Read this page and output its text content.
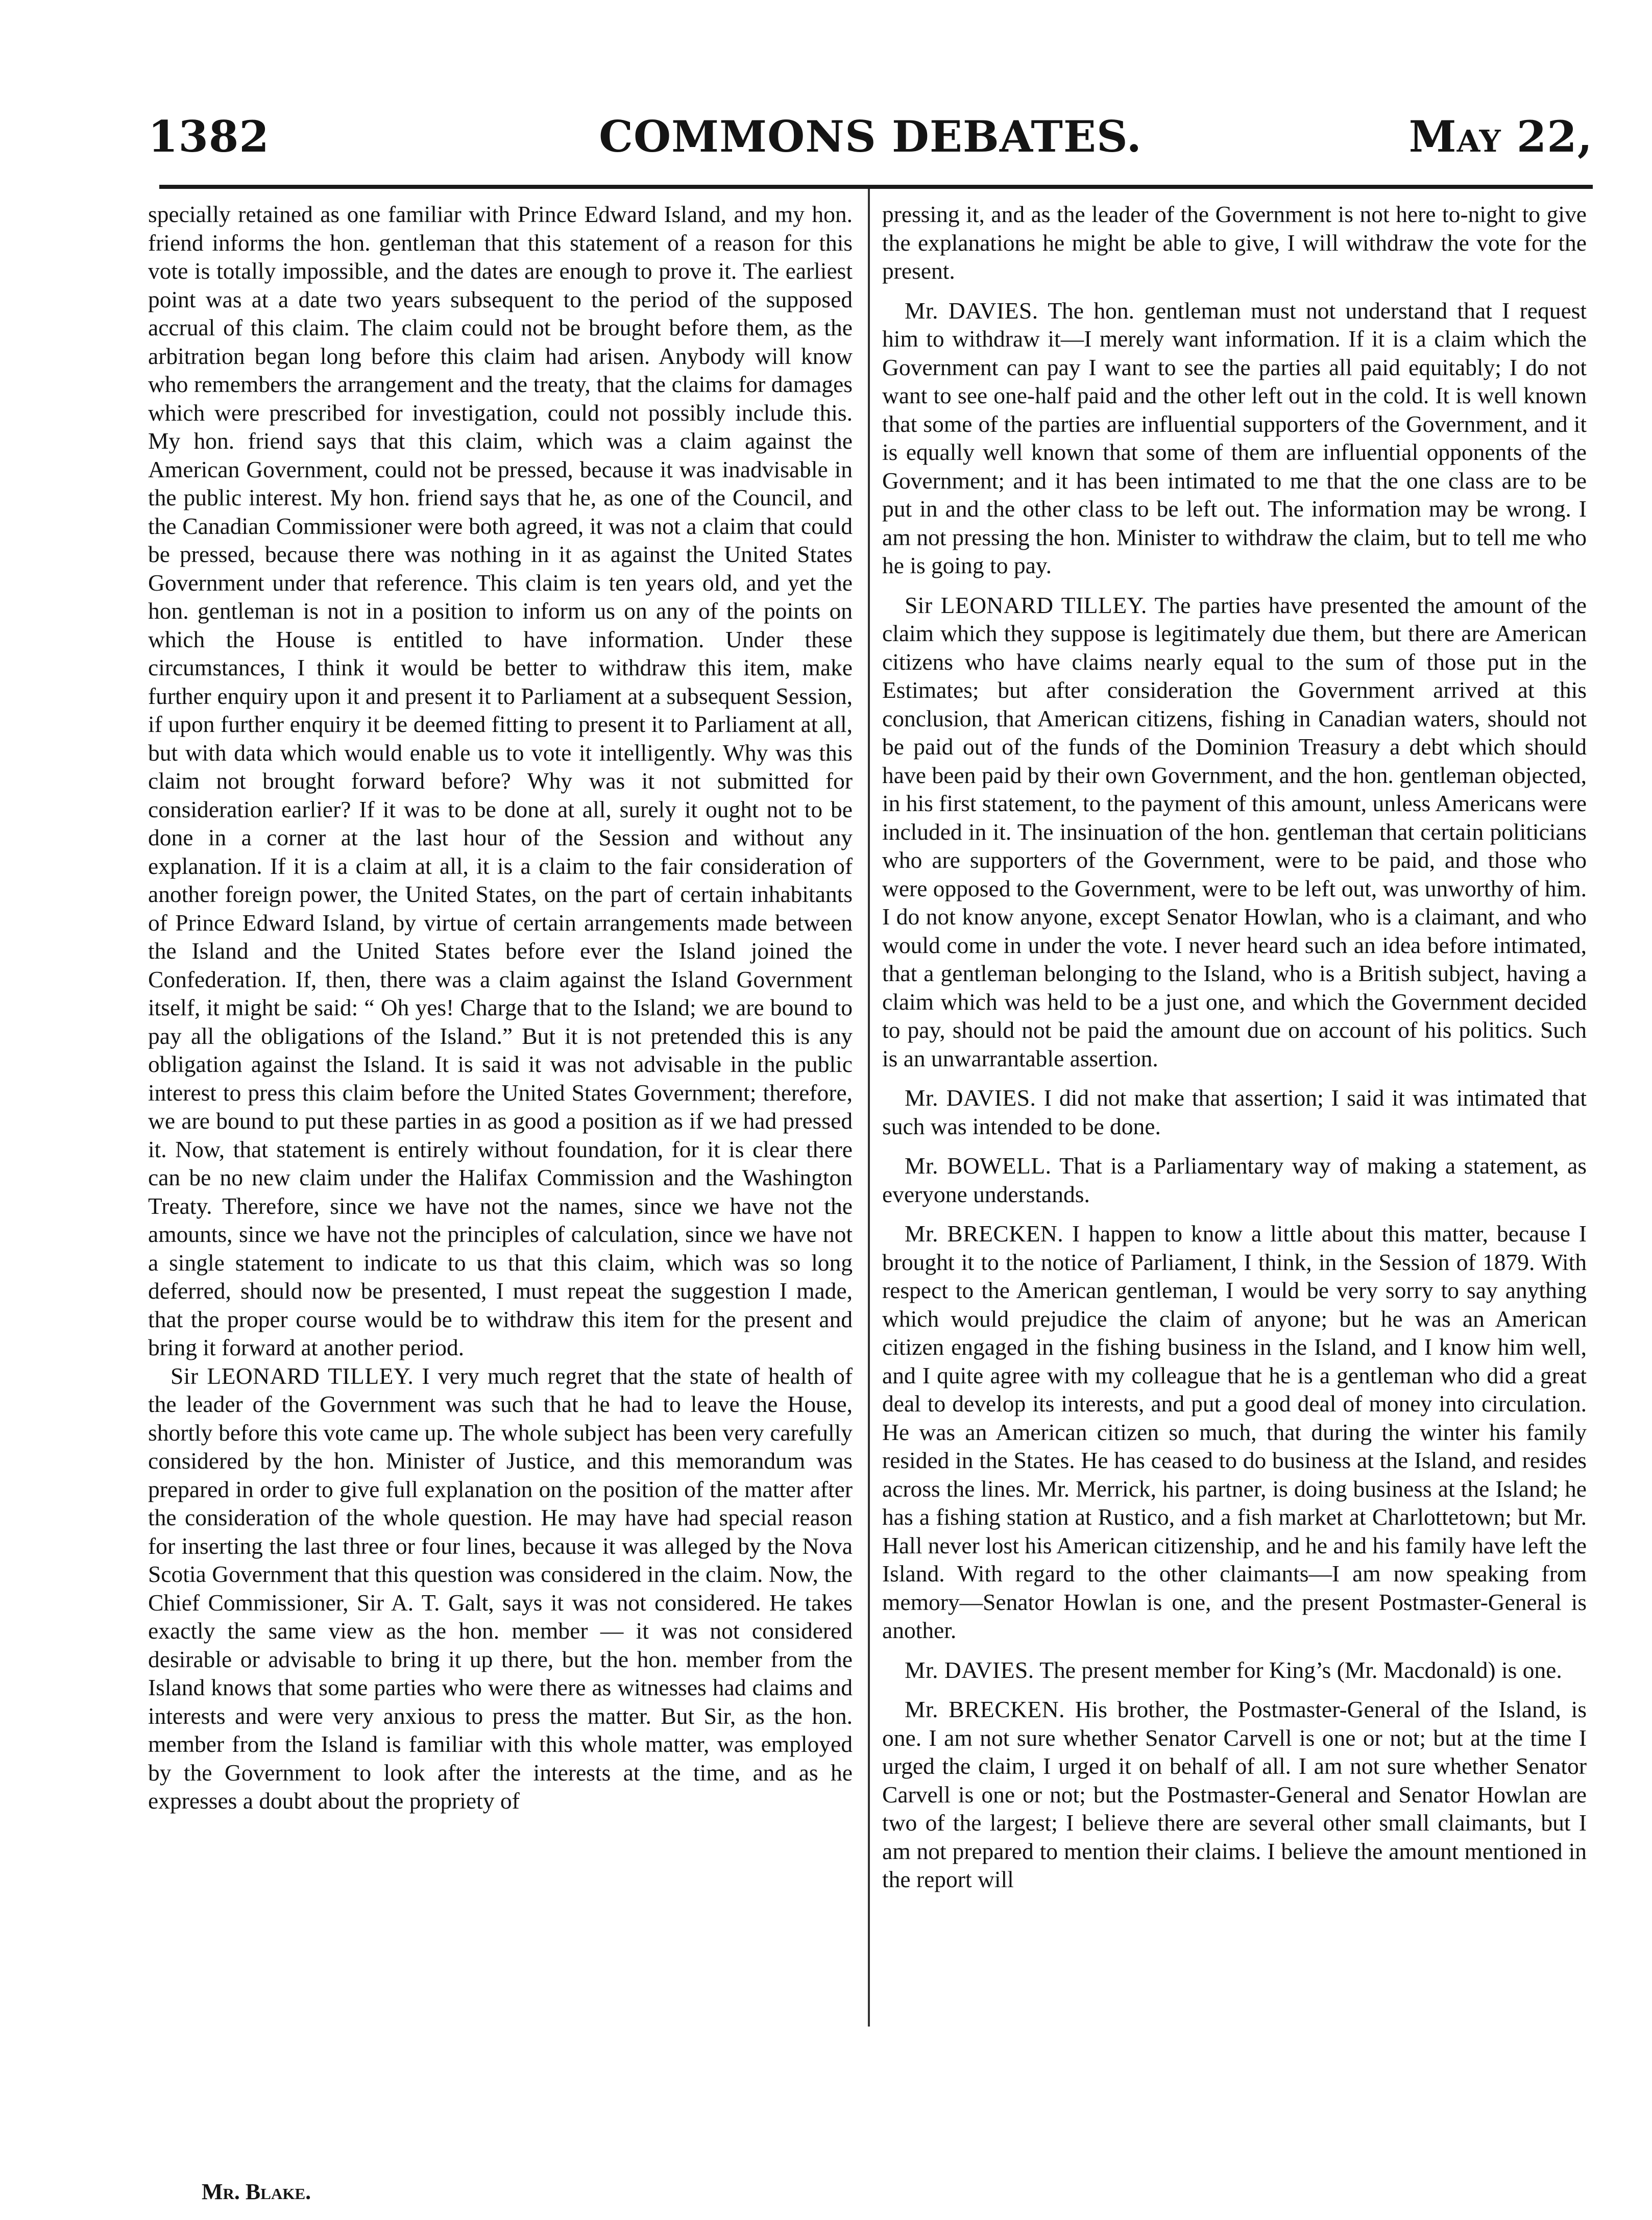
1382	COMMONS DEBATES.	May 22,

specially retained as one familiar with Prince Edward Island, and my hon. friend informs the hon. gentleman that this statement of a reason for this vote is totally impossible, and the dates are enough to prove it. The earliest point was at a date two years subsequent to the period of the supposed accrual of this claim. The claim could not be brought before them, as the arbitration began long before this claim had arisen. Anybody will know who remembers the arrangement and the treaty, that the claims for damages which were prescribed for investigation, could not possibly include this. My hon. friend says that this claim, which was a claim against the American Government, could not be pressed, because it was inadvisable in the public interest. My hon. friend says that he, as one of the Council, and the Canadian Commissioner were both agreed, it was not a claim that could be pressed, because there was nothing in it as against the United States Government under that reference. This claim is ten years old, and yet the hon. gentleman is not in a position to inform us on any of the points on which the House is entitled to have information. Under these circumstances, I think it would be better to withdraw this item, make further enquiry upon it and present it to Parliament at a subsequent Session, if upon further enquiry it be deemed fitting to present it to Parliament at all, but with data which would enable us to vote it intelligently. Why was this claim not brought forward before? Why was it not submitted for consideration earlier? If it was to be done at all, surely it ought not to be done in a corner at the last hour of the Session and without any explanation. If it is a claim at all, it is a claim to the fair consideration of another foreign power, the United States, on the part of certain inhabitants of Prince Edward Island, by virtue of certain arrangements made between the Island and the United States before ever the Island joined the Confederation. If, then, there was a claim against the Island Government itself, it might be said: “ Oh yes! Charge that to the Island; we are bound to pay all the obligations of the Island.” But it is not pretended this is any obligation against the Island. It is said it was not advisable in the public interest to press this claim before the United States Government; therefore, we are bound to put these parties in as good a position as if we had pressed it. Now, that statement is entirely without foundation, for it is clear there can be no new claim under the Halifax Commission and the Washington Treaty. Therefore, since we have not the names, since we have not the amounts, since we have not the principles of calculation, since we have not a single statement to indicate to us that this claim, which was so long deferred, should now be presented, I must repeat the suggestion I made, that the proper course would be to withdraw this item for the present and bring it forward at another period.

Sir LEONARD TILLEY. I very much regret that the state of health of the leader of the Government was such that he had to leave the House, shortly before this vote came up. The whole subject has been very carefully considered by the hon. Minister of Justice, and this memorandum was prepared in order to give full explanation on the position of the matter after the consideration of the whole question. He may have had special reason for inserting the last three or four lines, because it was alleged by the Nova Scotia Government that this question was considered in the claim. Now, the Chief Commissioner, Sir A. T. Galt, says it was not considered. He takes exactly the same view as the hon. member — it was not considered desirable or advisable to bring it up there, but the hon. member from the Island knows that some parties who were there as witnesses had claims and interests and were very anxious to press the matter. But Sir, as the hon. member from the Island is familiar with this whole matter, was employed by the Government to look after the interests at the time, and as he expresses a doubt about the propriety of

pressing it, and as the leader of the Government is not here to-night to give the explanations he might be able to give, I will withdraw the vote for the present.

Mr. DAVIES. The hon. gentleman must not understand that I request him to withdraw it—I merely want information. If it is a claim which the Government can pay I want to see the parties all paid equitably; I do not want to see one-half paid and the other left out in the cold. It is well known that some of the parties are influential supporters of the Government, and it is equally well known that some of them are influential opponents of the Government; and it has been intimated to me that the one class are to be put in and the other class to be left out. The information may be wrong. I am not pressing the hon. Minister to withdraw the claim, but to tell me who he is going to pay.

Sir LEONARD TILLEY. The parties have presented the amount of the claim which they suppose is legitimately due them, but there are American citizens who have claims nearly equal to the sum of those put in the Estimates; but after consideration the Government arrived at this conclusion, that American citizens, fishing in Canadian waters, should not be paid out of the funds of the Dominion Treasury a debt which should have been paid by their own Government, and the hon. gentleman objected, in his first statement, to the payment of this amount, unless Americans were included in it. The insinuation of the hon. gentleman that certain politicians who are supporters of the Government, were to be paid, and those who were opposed to the Government, were to be left out, was unworthy of him. I do not know anyone, except Senator Howlan, who is a claimant, and who would come in under the vote. I never heard such an idea before intimated, that a gentleman belonging to the Island, who is a British subject, having a claim which was held to be a just one, and which the Government decided to pay, should not be paid the amount due on account of his politics. Such is an unwarrantable assertion.

Mr. DAVIES. I did not make that assertion; I said it was intimated that such was intended to be done.

Mr. BOWELL. That is a Parliamentary way of making a statement, as everyone understands.

Mr. BRECKEN. I happen to know a little about this matter, because I brought it to the notice of Parliament, I think, in the Session of 1879. With respect to the American gentleman, I would be very sorry to say anything which would prejudice the claim of anyone; but he was an American citizen engaged in the fishing business in the Island, and I know him well, and I quite agree with my colleague that he is a gentleman who did a great deal to develop its interests, and put a good deal of money into circulation. He was an American citizen so much, that during the winter his family resided in the States. He has ceased to do business at the Island, and resides across the lines. Mr. Merrick, his partner, is doing business at the Island; he has a fishing station at Rustico, and a fish market at Charlottetown; but Mr. Hall never lost his American citizenship, and he and his family have left the Island. With regard to the other claimants—I am now speaking from memory—Senator Howlan is one, and the present Postmaster-General is another.

Mr. DAVIES. The present member for King’s (Mr. Macdonald) is one.

Mr. BRECKEN. His brother, the Postmaster-General of the Island, is one. I am not sure whether Senator Carvell is one or not; but at the time I urged the claim, I urged it on behalf of all. I am not sure whether Senator Carvell is one or not; but the Postmaster-General and Senator Howlan are two of the largest; I believe there are several other small claimants, but I am not prepared to mention their claims. I believe the amount mentioned in the report will

Mr. Blake.
